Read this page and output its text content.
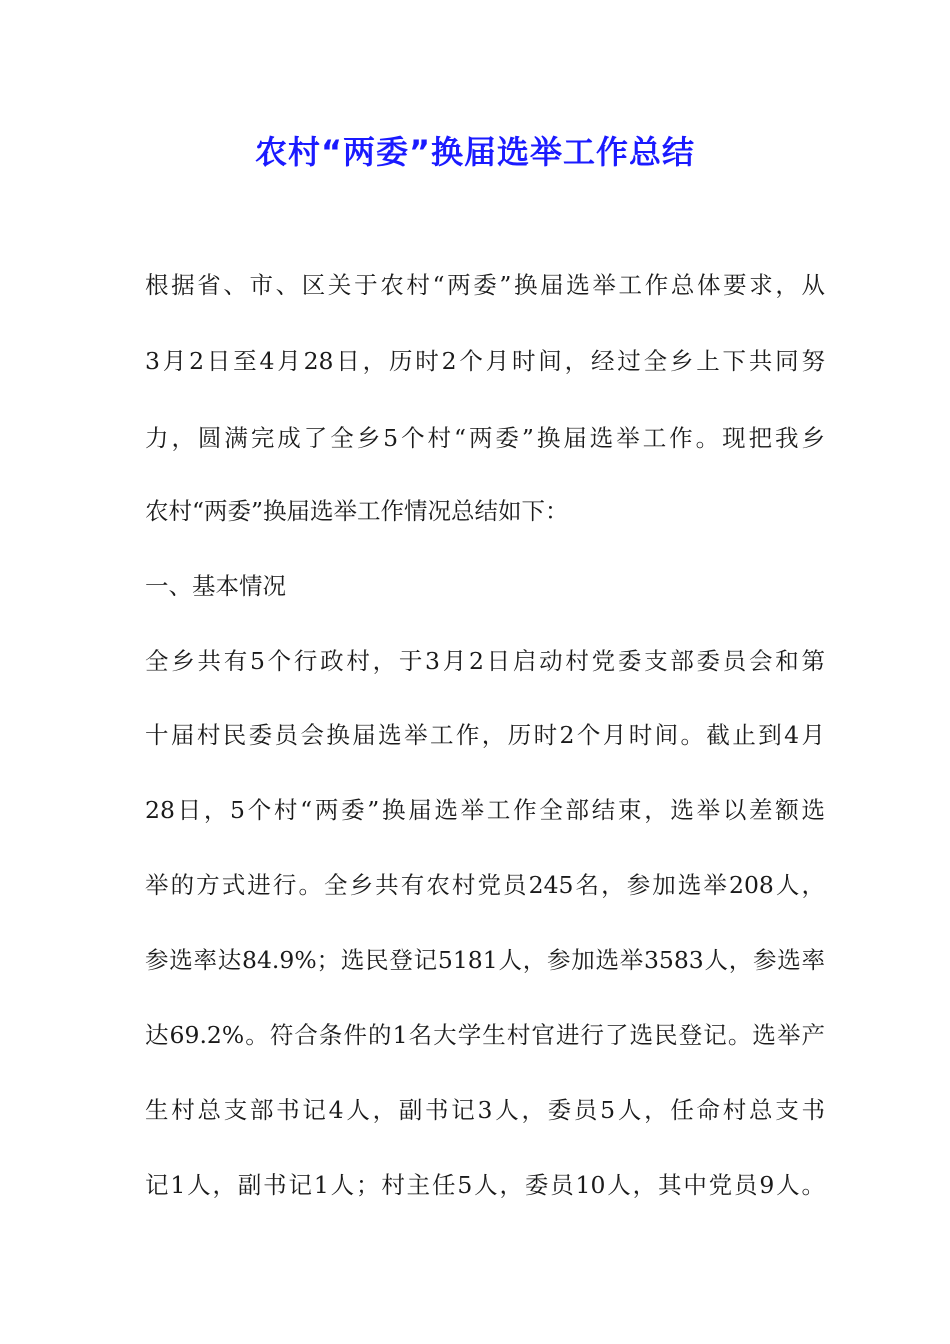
农村“两委”换届选举工作总结

根据省、市、区关于农村“两委”换届选举工作总体要求，从

3月2日至4月28日，历时2个月时间，经过全乡上下共同努

力，圆满完成了全乡5个村“两委”换届选举工作。现把我乡

农村“两委”换届选举工作情况总结如下：

一、基本情况

全乡共有5个行政村，于3月2日启动村党委支部委员会和第

十届村民委员会换届选举工作，历时2个月时间。截止到4月

28日，5个村“两委”换届选举工作全部结束，选举以差额选

举的方式进行。全乡共有农村党员245名，参加选举208人，

参选率达84.9%；选民登记5181人，参加选举3583人，参选率

达69.2%。符合条件的1名大学生村官进行了选民登记。选举产

生村总支部书记4人，副书记3人，委员5人，任命村总支书

记1人，副书记1人；村主任5人，委员10人，其中党员9人。
